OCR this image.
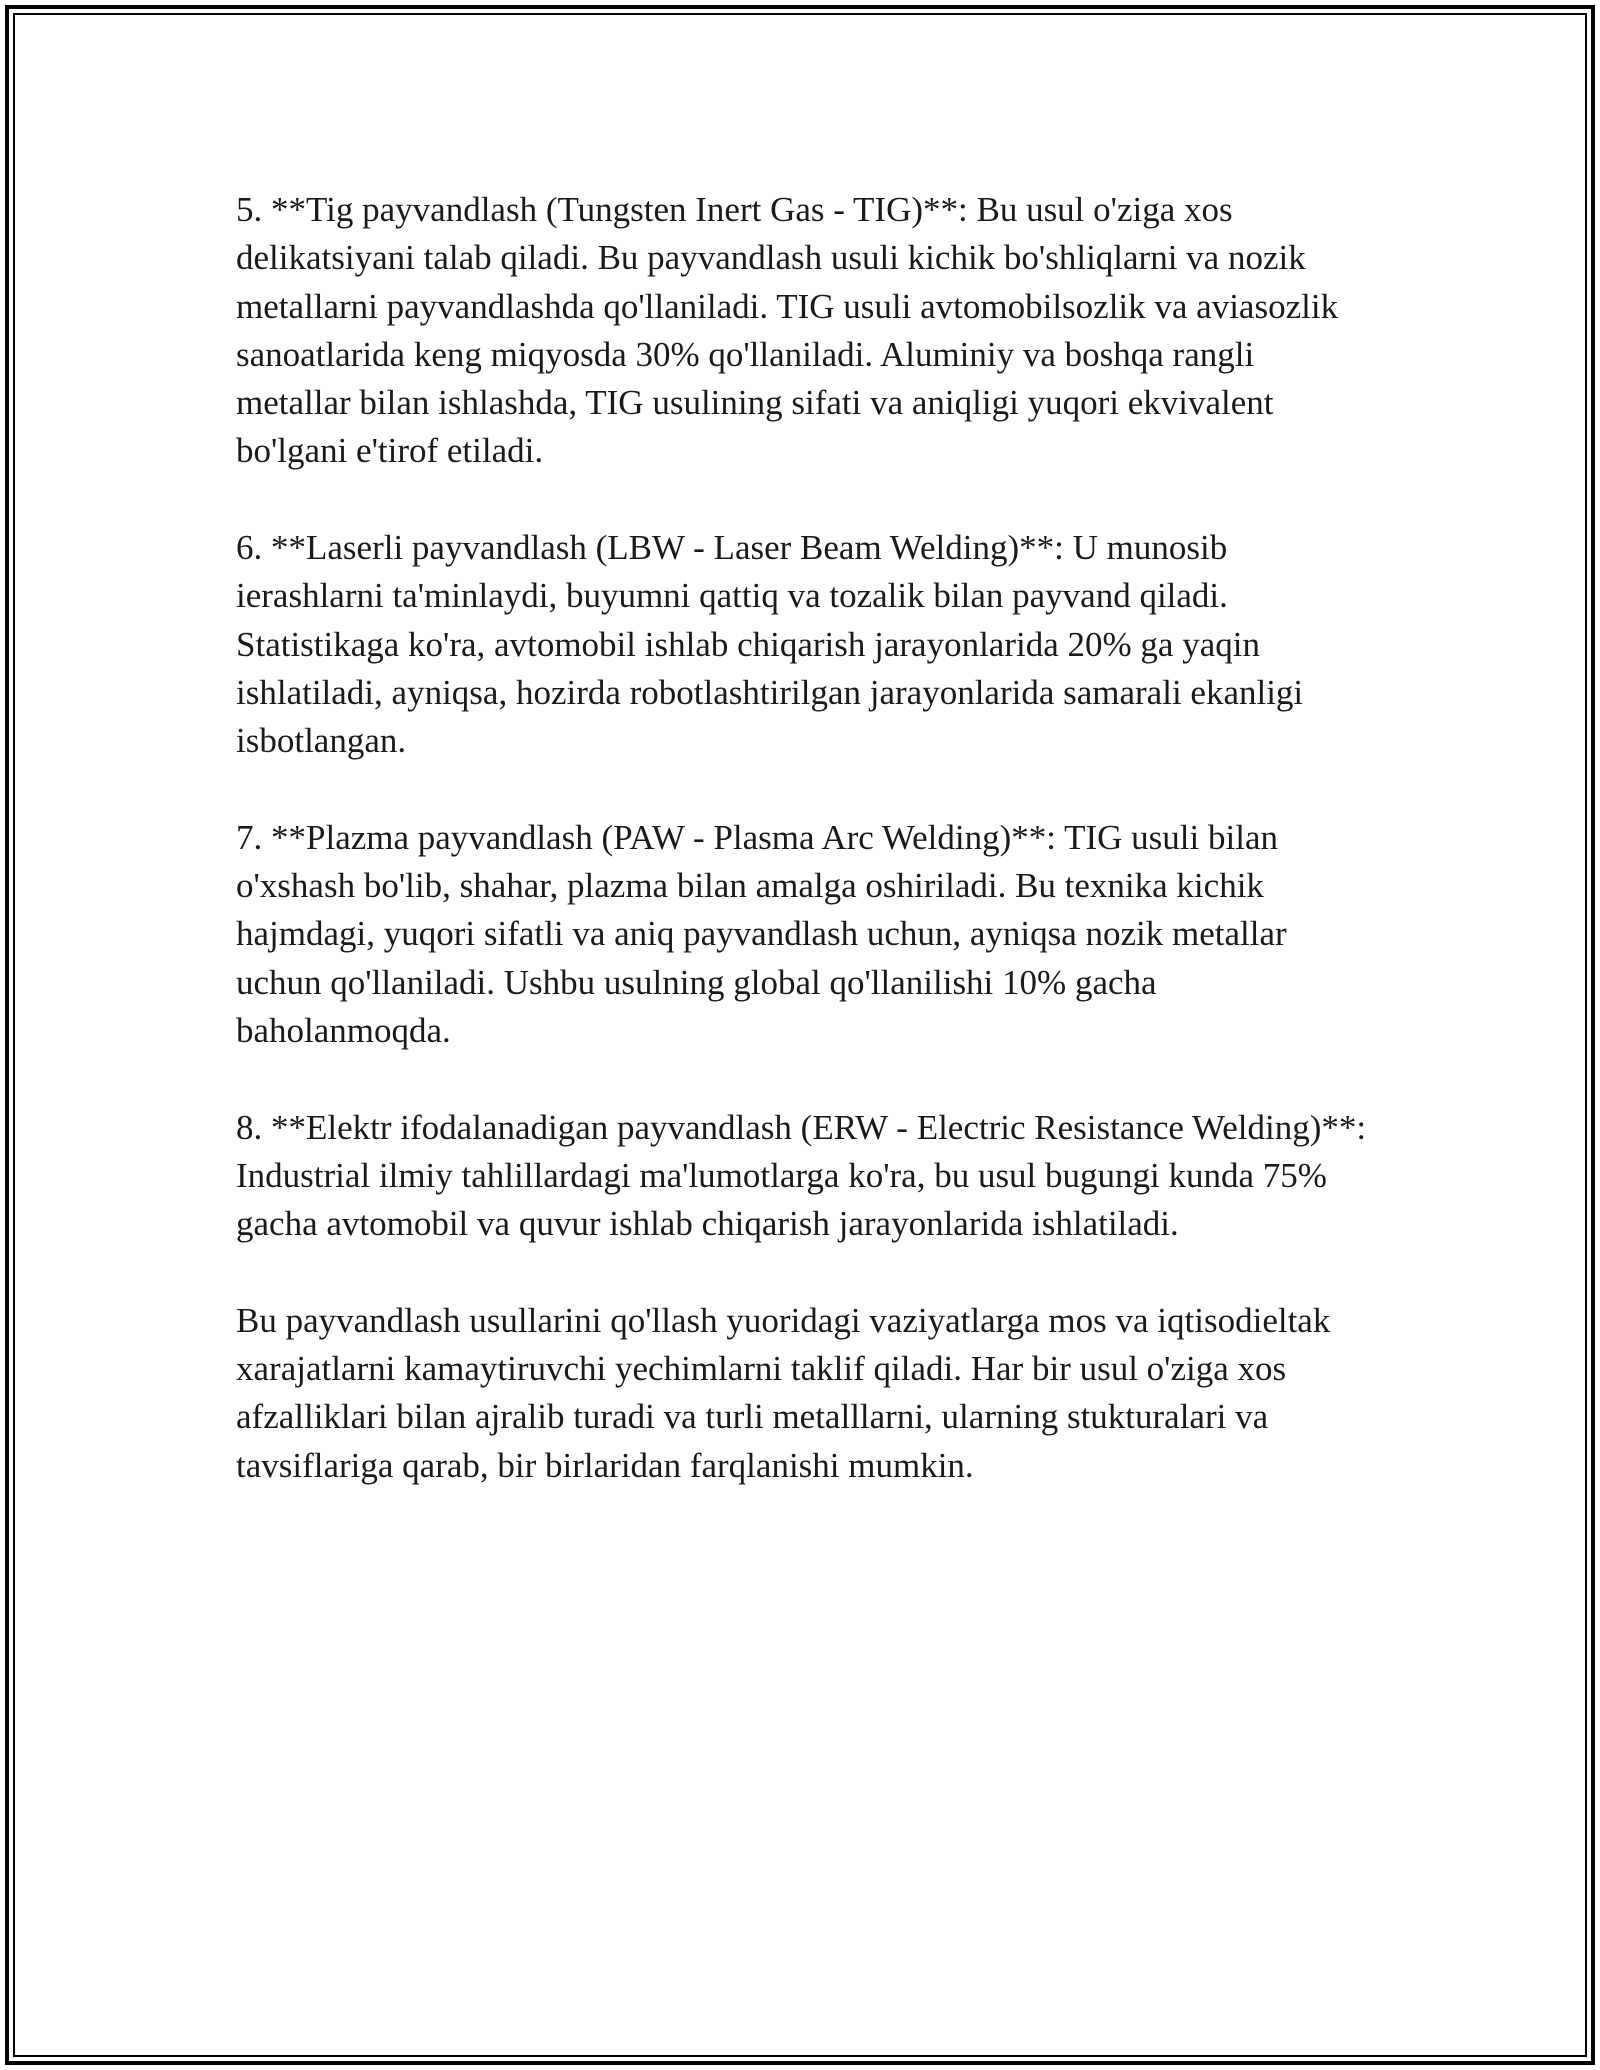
5. **Tig payvandlash (Tungsten Inert Gas - TIG)**: Bu usul o'ziga xos delikatsiyani talab qiladi. Bu payvandlash usuli kichik bo'shliqlarni va nozik metallarni payvandlashda qo'llaniladi. TIG usuli avtomobilsozlik va aviasozlik sanoatlarida keng miqyosda 30% qo'llaniladi. Aluminiy va boshqa rangli metallar bilan ishlashda, TIG usulining sifati va aniqligi yuqori ekvivalent bo'lgani e'tirof etiladi.

6. **Laserli payvandlash (LBW - Laser Beam Welding)**: U munosib ierashlarni ta'minlaydi, buyumni qattiq va tozalik bilan payvand qiladi. Statistikaga ko'ra, avtomobil ishlab chiqarish jarayonlarida 20% ga yaqin ishlatiladi, ayniqsa, hozirda robotlashtirilgan jarayonlarida samarali ekanligi isbotlangan.

7. **Plazma payvandlash (PAW - Plasma Arc Welding)**: TIG usuli bilan o'xshash bo'lib, shahar, plazma bilan amalga oshiriladi. Bu texnika kichik hajmdagi, yuqori sifatli va aniq payvandlash uchun, ayniqsa nozik metallar uchun qo'llaniladi. Ushbu usulning global qo'llanilishi 10% gacha baholanmoqda.

8. **Elektr ifodalanadigan payvandlash (ERW - Electric Resistance Welding)**: Industrial ilmiy tahlillardagi ma'lumotlarga ko'ra, bu usul bugungi kunda 75% gacha avtomobil va quvur ishlab chiqarish jarayonlarida ishlatiladi.

Bu payvandlash usullarini qo'llash yuoridagi vaziyatlarga mos va iqtisodieltak xarajatlarni kamaytiruvchi yechimlarni taklif qiladi. Har bir usul o'ziga xos afzalliklari bilan ajralib turadi va turli metalllarni, ularning stukturalari va tavsiflariga qarab, bir birlaridan farqlanishi mumkin.
